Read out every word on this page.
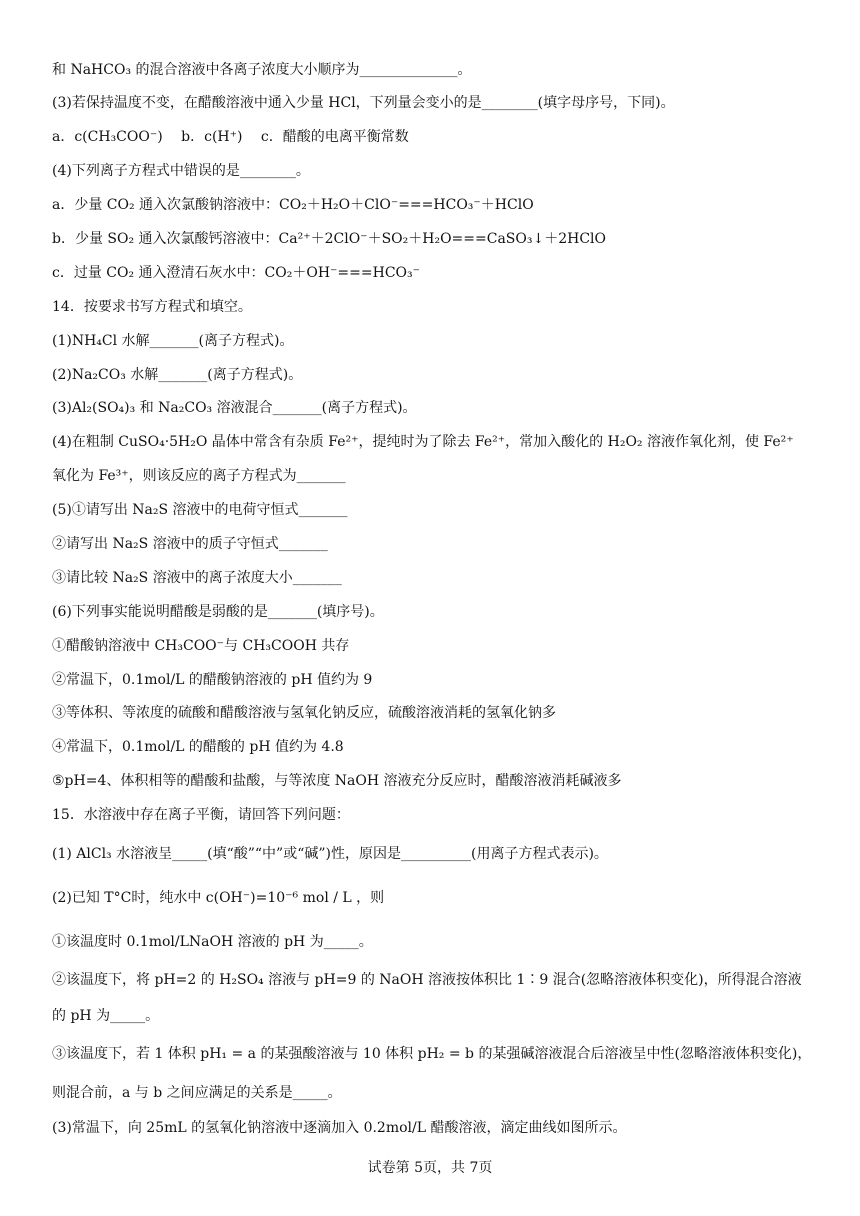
和 NaHCO₃ 的混合溶液中各离子浓度大小顺序为______________。
(3)若保持温度不变，在醋酸溶液中通入少量 HCl，下列量会变小的是________(填字母序号，下同)。
a．c(CH₃COO⁻)　 b．c(H⁺)　 c．醋酸的电离平衡常数
(4)下列离子方程式中错误的是________。
a．少量 CO₂ 通入次氯酸钠溶液中：CO₂＋H₂O＋ClO⁻===HCO₃⁻＋HClO
b．少量 SO₂ 通入次氯酸钙溶液中：Ca²⁺＋2ClO⁻＋SO₂＋H₂O===CaSO₃↓＋2HClO
c．过量 CO₂ 通入澄清石灰水中：CO₂＋OH⁻===HCO₃⁻
14．按要求书写方程式和填空。
(1)NH₄Cl 水解_______(离子方程式)。
(2)Na₂CO₃ 水解_______(离子方程式)。
(3)Al₂(SO₄)₃ 和 Na₂CO₃ 溶液混合_______(离子方程式)。
(4)在粗制 CuSO₄·5H₂O 晶体中常含有杂质 Fe²⁺，提纯时为了除去 Fe²⁺，常加入酸化的 H₂O₂ 溶液作氧化剂，使 Fe²⁺
氧化为 Fe³⁺，则该反应的离子方程式为_______
(5)①请写出 Na₂S 溶液中的电荷守恒式_______
②请写出 Na₂S 溶液中的质子守恒式_______
③请比较 Na₂S 溶液中的离子浓度大小_______
(6)下列事实能说明醋酸是弱酸的是_______(填序号)。
①醋酸钠溶液中 CH₃COO⁻与 CH₃COOH 共存
②常温下，0.1mol/L 的醋酸钠溶液的 pH 值约为 9
③等体积、等浓度的硫酸和醋酸溶液与氢氧化钠反应，硫酸溶液消耗的氢氧化钠多
④常温下，0.1mol/L 的醋酸的 pH 值约为 4.8
⑤pH=4、体积相等的醋酸和盐酸，与等浓度 NaOH 溶液充分反应时，醋酸溶液消耗碱液多
15．水溶液中存在离子平衡，请回答下列问题：
(1) AlCl₃ 水溶液呈_____(填“酸”“中”或“碱”)性，原因是__________(用离子方程式表示)。
(2)已知 T°C时，纯水中 c(OH⁻)=10⁻⁶ mol / L ，则
①该温度时 0.1mol/LNaOH 溶液的 pH 为_____。
②该温度下，将 pH=2 的 H₂SO₄ 溶液与 pH=9 的 NaOH 溶液按体积比 1∶9 混合(忽略溶液体积变化)，所得混合溶液
的 pH 为_____。
③该温度下，若 1 体积 pH₁ = a 的某强酸溶液与 10 体积 pH₂ = b 的某强碱溶液混合后溶液呈中性(忽略溶液体积变化)，
则混合前，a 与 b 之间应满足的关系是_____。
(3)常温下，向 25mL 的氢氧化钠溶液中逐滴加入 0.2mol/L 醋酸溶液，滴定曲线如图所示。
试卷第 5页，共 7页
